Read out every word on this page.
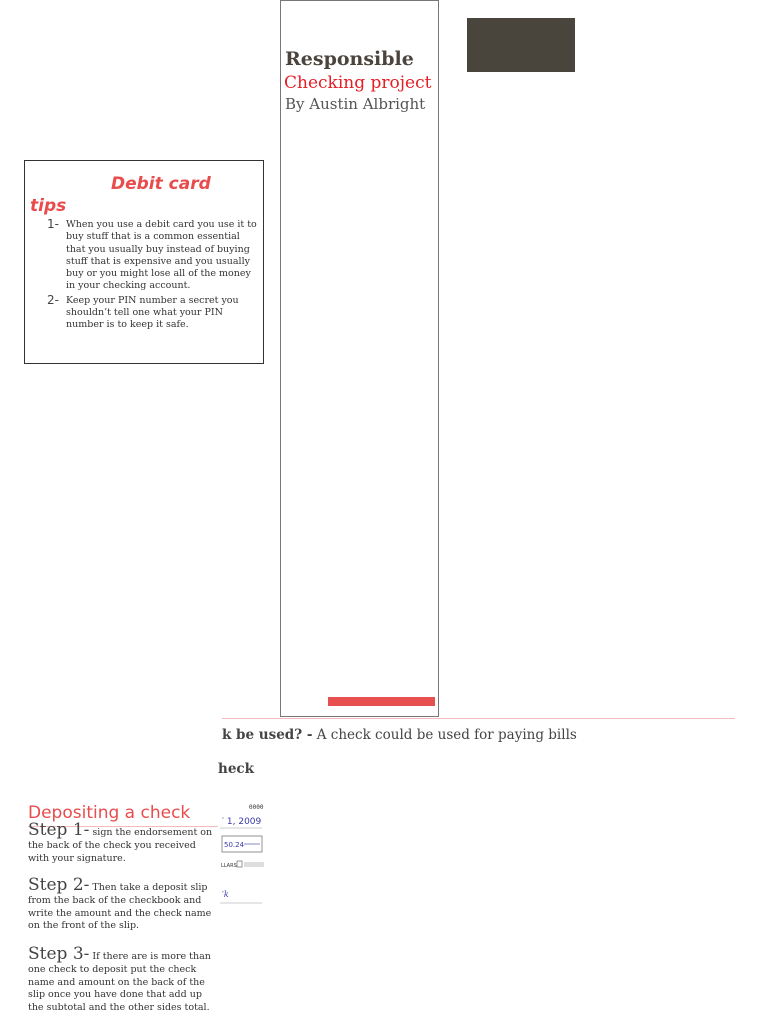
Responsible
Checking project
By Austin Albright
Debit card tips
1- When you use a debit card you use it to buy stuff that is a common essential that you usually buy instead of buying stuff that is expensive and you usually buy or you might lose all of the money in your checking account.
2- Keep your PIN number a secret you shouldn’t tell one what your PIN number is to keep it safe.
k be used? - A check could be used for paying bills
heck
0000
′ 1, 2009
50.24
LLARS
′k
Depositing a check
Step 1- sign the endorsement on the back of the check you received with your signature.
Step 2- Then take a deposit slip from the back of the checkbook and write the amount and the check name on the front of the slip.
Step 3- If there are is more than one check to deposit put the check name and amount on the back of the slip once you have done that add up the subtotal and the other sides total.
